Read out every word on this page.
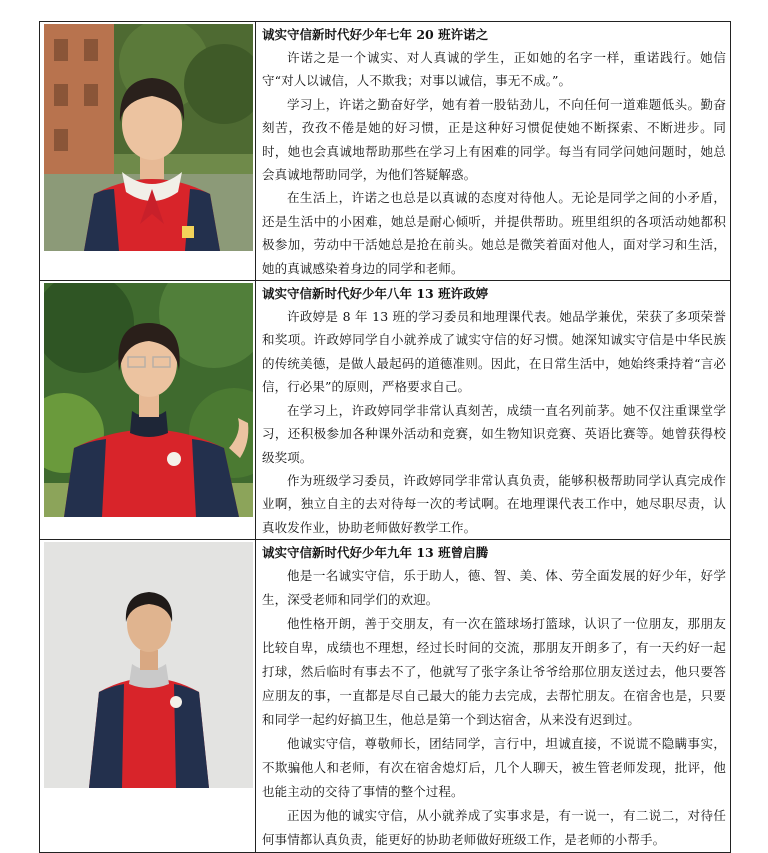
诚实守信新时代好少年七年 20 班许诺之

许诺之是一个诚实、对人真诚的学生，正如她的名字一样，重诺践行。她信守“对人以诚信，人不欺我；对事以诚信，事无不成。”。

学习上，许诺之勤奋好学，她有着一股钻劲儿，不向任何一道难题低头。勤奋刻苦，孜孜不倦是她的好习惯，正是这种好习惯促使她不断探索、不断进步。同时，她也会真诚地帮助那些在学习上有困难的同学。每当有同学问她问题时，她总会真诚地帮助同学，为他们答疑解惑。

在生活上，许诺之也总是以真诚的态度对待他人。无论是同学之间的小矛盾，还是生活中的小困难，她总是耐心倾听，并提供帮助。班里组织的各项活动她都积极参加，劳动中干活她总是抢在前头。她总是微笑着面对他人，面对学习和生活，她的真诚感染着身边的同学和老师。

诚实守信新时代好少年八年 13 班许政婷

许政婷是 8 年 13 班的学习委员和地理课代表。她品学兼优，荣获了多项荣誉和奖项。许政婷同学自小就养成了诚实守信的好习惯。她深知诚实守信是中华民族的传统美德，是做人最起码的道德准则。因此，在日常生活中，她始终秉持着“言必信，行必果”的原则，严格要求自己。

在学习上，许政婷同学非常认真刻苦，成绩一直名列前茅。她不仅注重课堂学习，还积极参加各种课外活动和竞赛，如生物知识竞赛、英语比赛等。她曾获得校级奖项。

作为班级学习委员，许政婷同学非常认真负责，能够积极帮助同学认真完成作业啊，独立自主的去对待每一次的考试啊。在地理课代表工作中，她尽职尽责，认真收发作业，协助老师做好教学工作。

诚实守信新时代好少年九年 13 班曾启腾

他是一名诚实守信，乐于助人，德、智、美、体、劳全面发展的好少年，好学生，深受老师和同学们的欢迎。

他性格开朗，善于交朋友，有一次在篮球场打篮球，认识了一位朋友，那朋友比较自卑，成绩也不理想，经过长时间的交流，那朋友开朗多了，有一天约好一起打球，然后临时有事去不了，他就写了张字条让爷爷给那位朋友送过去，他只要答应朋友的事，一直都是尽自己最大的能力去完成，去帮忙朋友。在宿舍也是，只要和同学一起约好搞卫生，他总是第一个到达宿舍，从来没有迟到过。

他诚实守信，尊敬师长，团结同学，言行中，坦诚直接，不说谎不隐瞒事实，不欺骗他人和老师，有次在宿舍熄灯后，几个人聊天，被生管老师发现，批评，他也能主动的交待了事情的整个过程。

正因为他的诚实守信，从小就养成了实事求是，有一说一，有二说二，对待任何事情都认真负责，能更好的协助老师做好班级工作，是老师的小帮手。
